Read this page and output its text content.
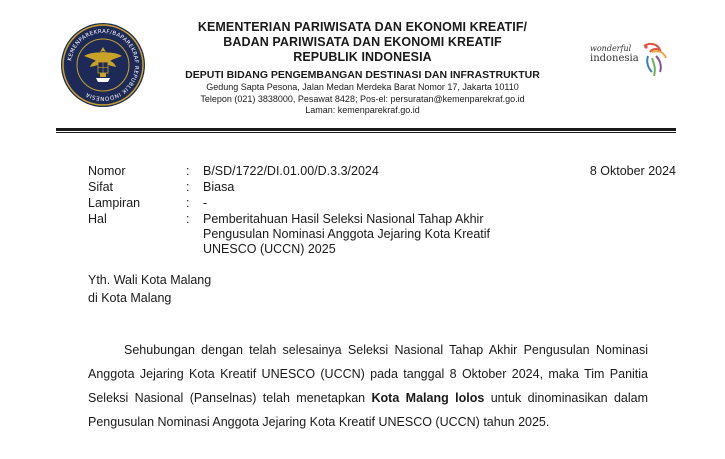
KEMENPAREKRAF/BAPAREKRAF REPUBLIK INDONESIA
KEMENTERIAN PARIWISATA DAN EKONOMI KREATIF/
BADAN PARIWISATA DAN EKONOMI KREATIF
REPUBLIK INDONESIA
DEPUTI BIDANG PENGEMBANGAN DESTINASI DAN INFRASTRUKTUR
Gedung Sapta Pesona, Jalan Medan Merdeka Barat Nomor 17, Jakarta 10110
Telepon (021) 3838000, Pesawat 8428; Pos-el: persuratan@kemenparekraf.go.id
Laman: kemenparekraf.go.id
wonderful
indonesia
8 Oktober 2024
Nomor	: B/SD/1722/DI.01.00/D.3.3/2024
Sifat	: Biasa
Lampiran	: -
Hal	: Pemberitahuan Hasil Seleksi Nasional Tahap Akhir Pengusulan Nominasi Anggota Jejaring Kota Kreatif UNESCO (UCCN) 2025
Yth. Wali Kota Malang
di Kota Malang
Sehubungan dengan telah selesainya Seleksi Nasional Tahap Akhir Pengusulan Nominasi Anggota Jejaring Kota Kreatif UNESCO (UCCN) pada tanggal 8 Oktober 2024, maka Tim Panitia Seleksi Nasional (Panselnas) telah menetapkan Kota Malang lolos untuk dinominasikan dalam Pengusulan Nominasi Anggota Jejaring Kota Kreatif UNESCO (UCCN) tahun 2025.
